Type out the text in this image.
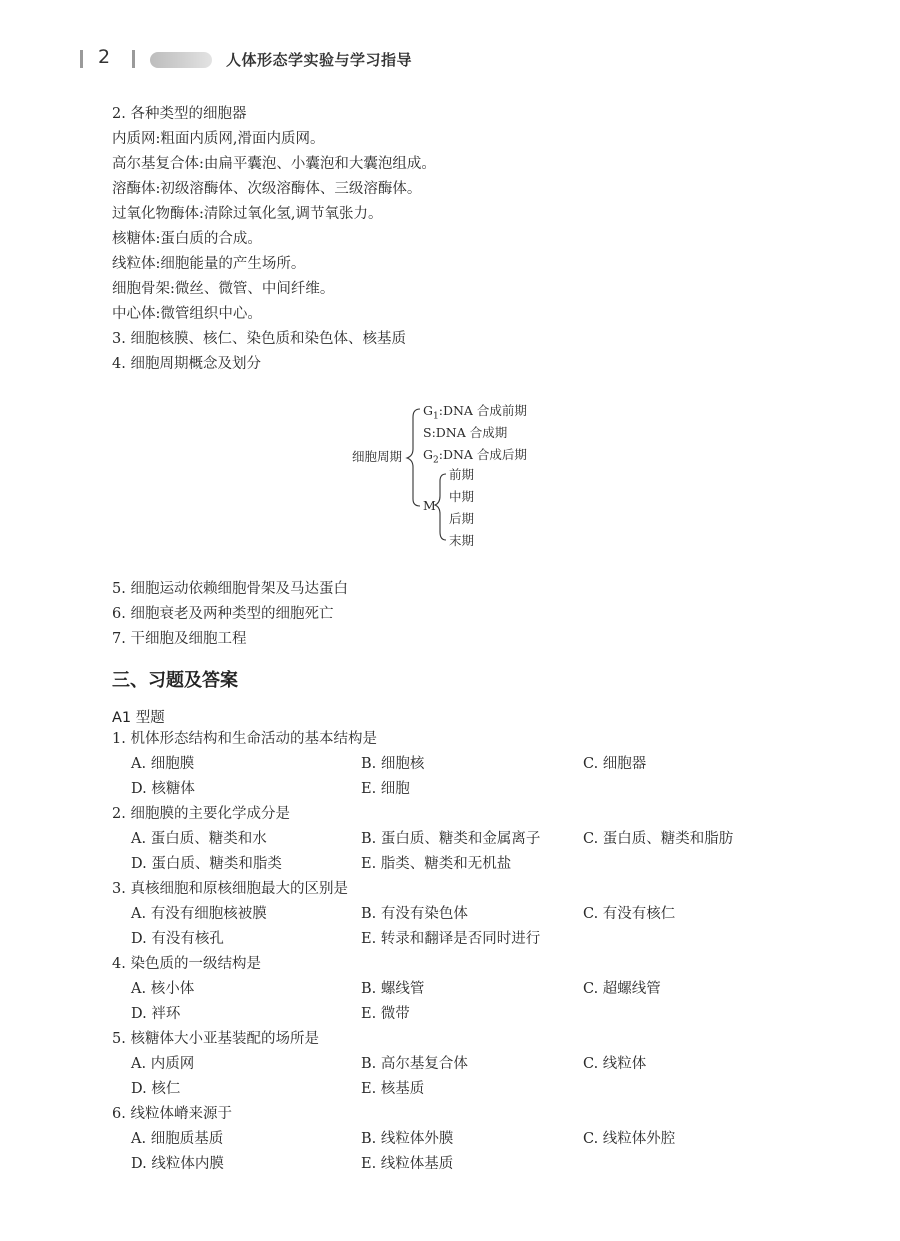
2	人体形态学实验与学习指导
2. 各种类型的细胞器
内质网:粗面内质网,滑面内质网。
高尔基复合体:由扁平囊泡、小囊泡和大囊泡组成。
溶酶体:初级溶酶体、次级溶酶体、三级溶酶体。
过氧化物酶体:清除过氧化氢,调节氧张力。
核糖体:蛋白质的合成。
线粒体:细胞能量的产生场所。
细胞骨架:微丝、微管、中间纤维。
中心体:微管组织中心。
3. 细胞核膜、核仁、染色质和染色体、核基质
4. 细胞周期概念及划分
细胞周期
$G_1:DNA$ 合成前期
S:DNA 合成期
$G_2:DNA$ 合成后期
M
前期
中期
后期
末期
5. 细胞运动依赖细胞骨架及马达蛋白
6. 细胞衰老及两种类型的细胞死亡
7. 干细胞及细胞工程
三、习题及答案
A1 型题
1. 机体形态结构和生命活动的基本结构是
A. 细胞膜	B. 细胞核	C. 细胞器
D. 核糖体	E. 细胞
2. 细胞膜的主要化学成分是
A. 蛋白质、糖类和水	B. 蛋白质、糖类和金属离子	C. 蛋白质、糖类和脂肪
D. 蛋白质、糖类和脂类	E. 脂类、糖类和无机盐
3. 真核细胞和原核细胞最大的区别是
A. 有没有细胞核被膜	B. 有没有染色体	C. 有没有核仁
D. 有没有核孔	E. 转录和翻译是否同时进行
4. 染色质的一级结构是
A. 核小体	B. 螺线管	C. 超螺线管
D. 袢环	E. 微带
5. 核糖体大小亚基装配的场所是
A. 内质网	B. 高尔基复合体	C. 线粒体
D. 核仁	E. 核基质
6. 线粒体嵴来源于
A. 细胞质基质	B. 线粒体外膜	C. 线粒体外腔
D. 线粒体内膜	E. 线粒体基质
